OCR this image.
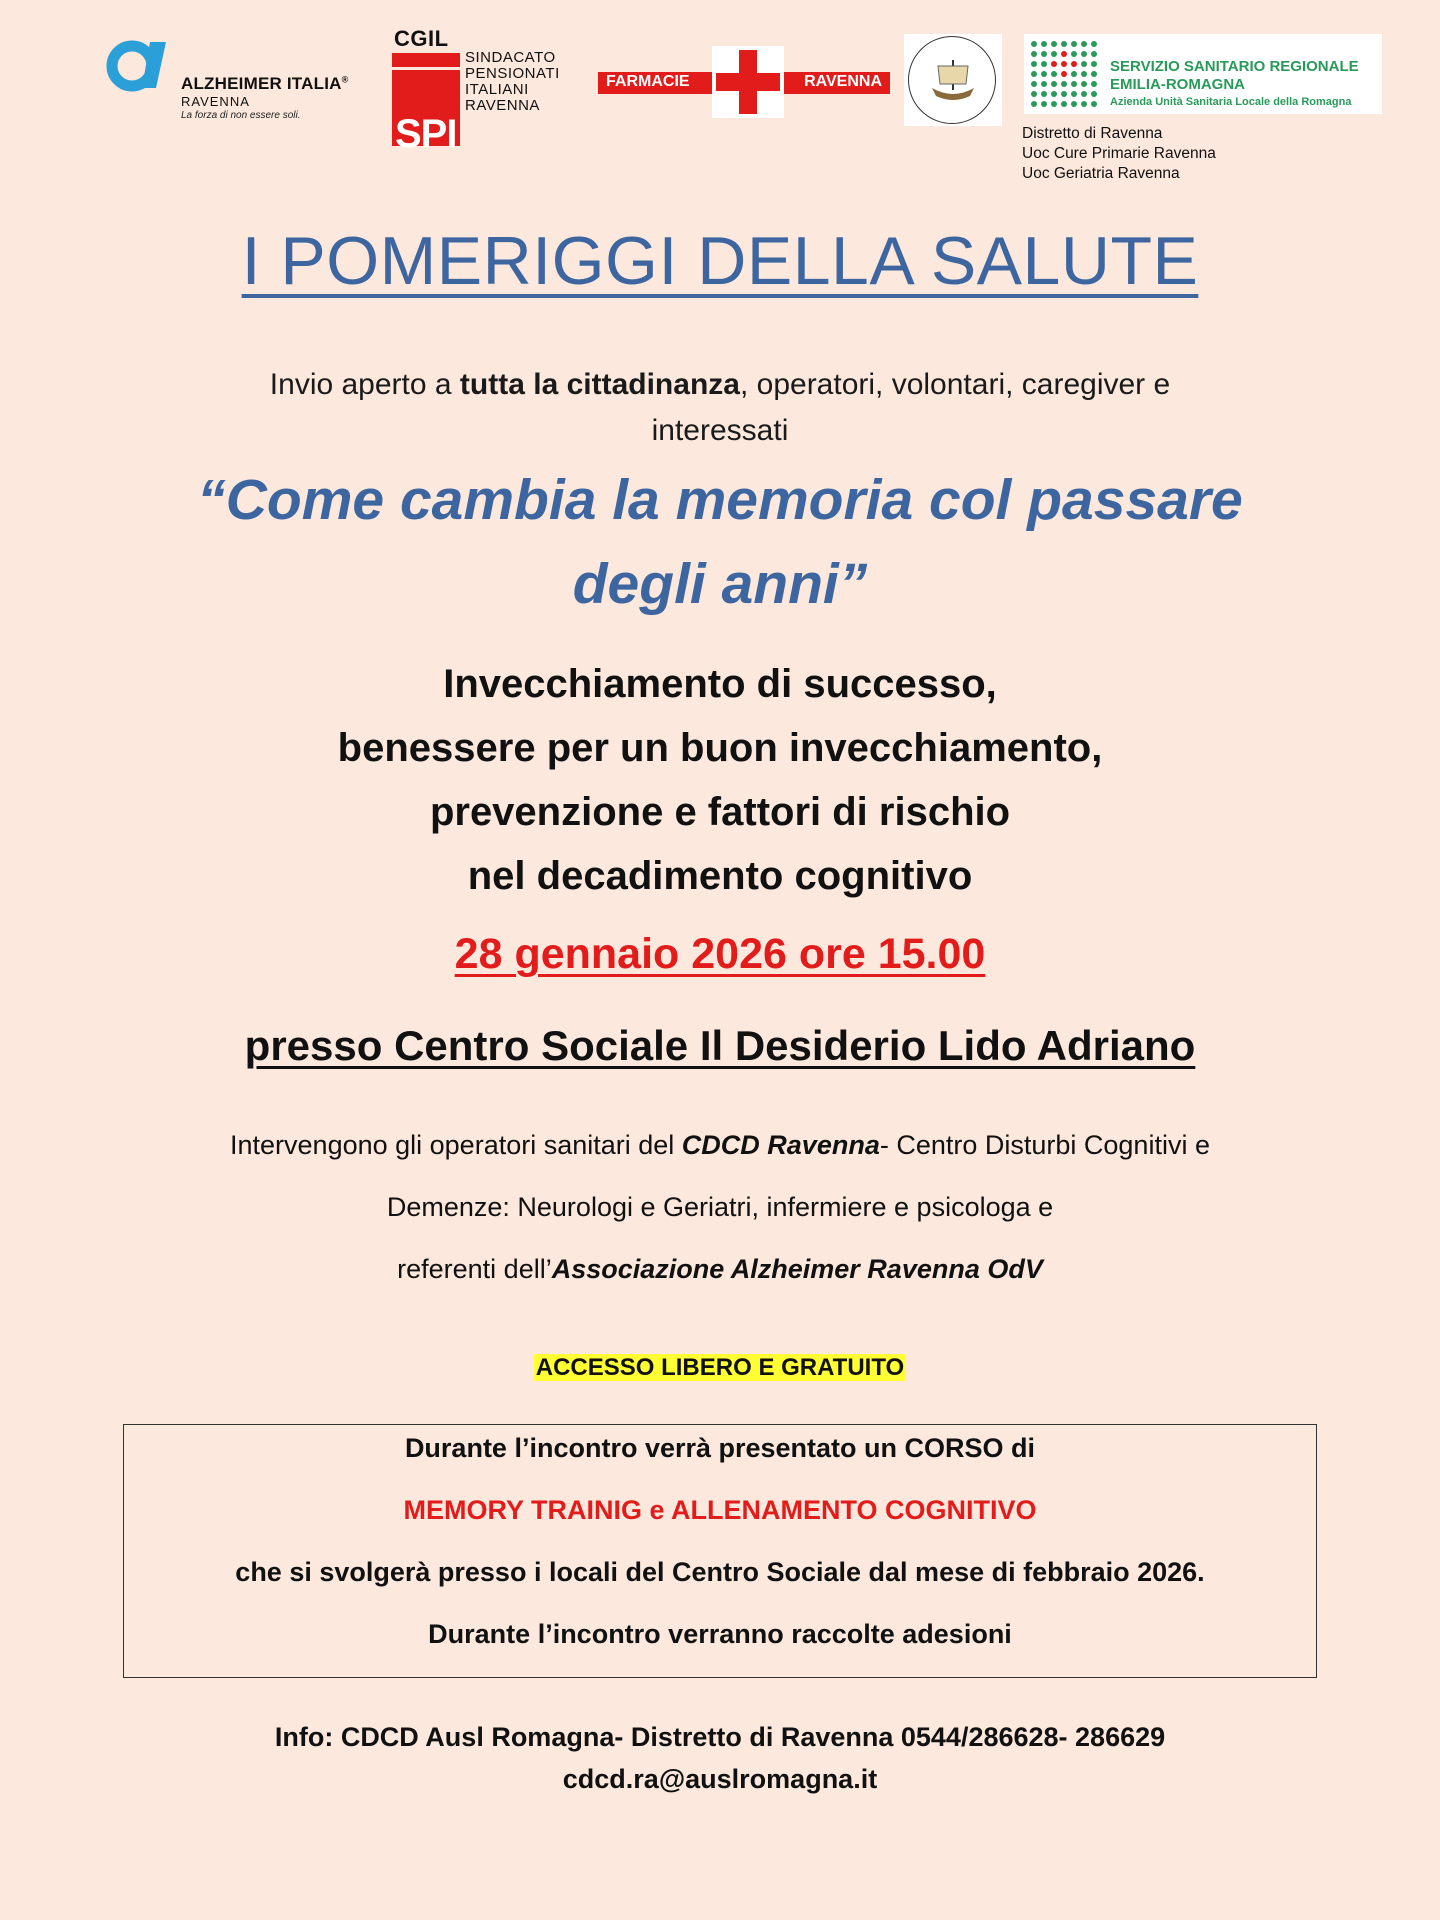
ALZHEIMER ITALIA®
RAVENNA
La forza di non essere soli.
CGIL
SPI
SINDACATO
PENSIONATI
ITALIANI
RAVENNA
FARMACIE	RAVENNA
SERVIZIO SANITARIO REGIONALE
EMILIA-ROMAGNA
Azienda Unità Sanitaria Locale della Romagna
Distretto di Ravenna
Uoc Cure Primarie Ravenna
Uoc Geriatria Ravenna
I POMERIGGI DELLA SALUTE
Invio aperto a tutta la cittadinanza, operatori, volontari, caregiver e
interessati
“Come cambia la memoria col passare
degli anni”
Invecchiamento di successo,
benessere per un buon invecchiamento,
prevenzione e fattori di rischio
nel decadimento cognitivo
28 gennaio 2026 ore 15.00
presso Centro Sociale Il Desiderio Lido Adriano
Intervengono gli operatori sanitari del CDCD Ravenna- Centro Disturbi Cognitivi e
Demenze: Neurologi e Geriatri, infermiere e psicologa e
referenti dell’Associazione Alzheimer Ravenna OdV
ACCESSO LIBERO E GRATUITO
Durante l’incontro verrà presentato un CORSO di
MEMORY TRAINIG e ALLENAMENTO COGNITIVO
che si svolgerà presso i locali del Centro Sociale dal mese di febbraio 2026.
Durante l’incontro verranno raccolte adesioni
Info: CDCD Ausl Romagna- Distretto di Ravenna 0544/286628- 286629
cdcd.ra@auslromagna.it
